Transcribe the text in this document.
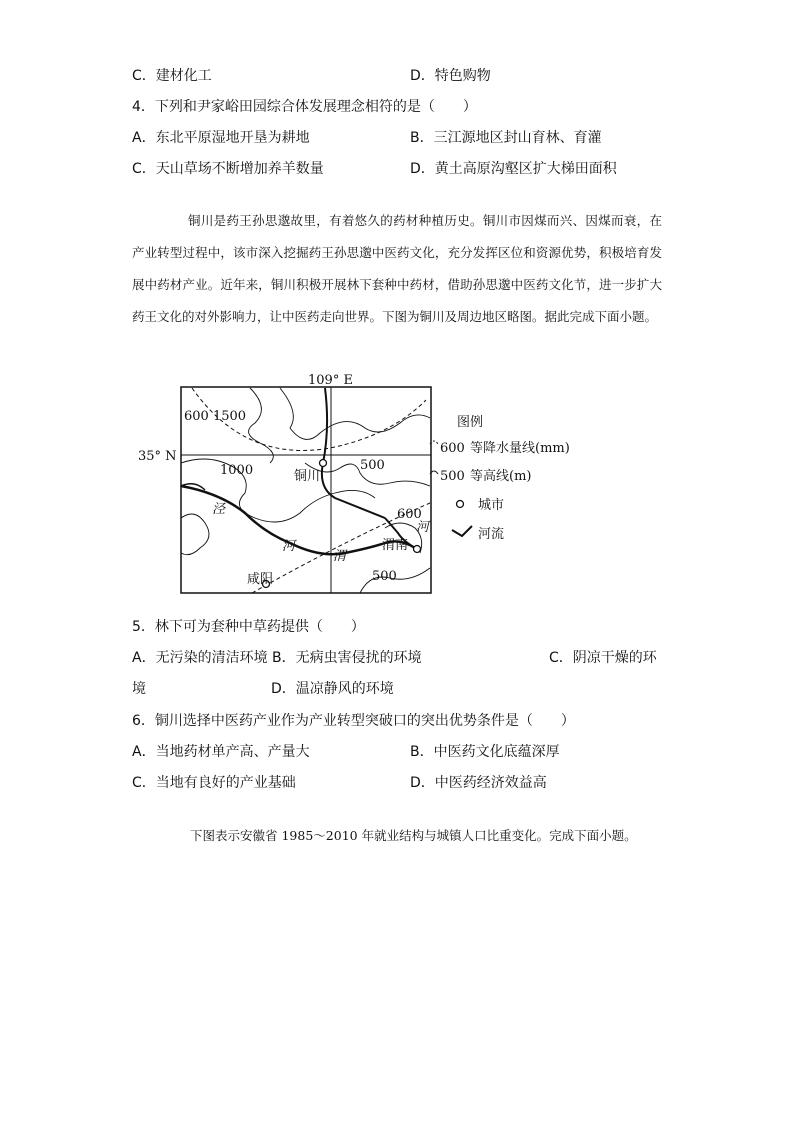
C．建材化工	D．特色购物
4．下列和尹家峪田园综合体发展理念相符的是（　　）
A．东北平原湿地开垦为耕地	B．三江源地区封山育林、育灌
C．天山草场不断增加养羊数量	D．黄土高原沟壑区扩大梯田面积

铜川是药王孙思邈故里，有着悠久的药材种植历史。铜川市因煤而兴、因煤而衰，在产业转型过程中，该市深入挖掘药王孙思邈中医药文化，充分发挥区位和资源优势，积极培育发展中药材产业。近年来，铜川积极开展林下套种中药材，借助孙思邈中医药文化节，进一步扩大药王文化的对外影响力，让中医药走向世界。下图为铜川及周边地区略图。据此完成下面小题。

109° E
35° N
600 1500
1000	500
600
500
铜川
渭南
咸阳
泾
河
渭
河
图例
600 等降水量线(mm)
500 等高线(m)
城市
河流
5．林下可为套种中草药提供（　　）
A．无污染的清洁环境 B．无病虫害侵扰的环境	C．阴凉干燥的环
境	D．温凉静风的环境
6．铜川选择中医药产业作为产业转型突破口的突出优势条件是（　　）
A．当地药材单产高、产量大	B．中医药文化底蕴深厚
C．当地有良好的产业基础	D．中医药经济效益高
下图表示安徽省 1985～2010 年就业结构与城镇人口比重变化。完成下面小题。
